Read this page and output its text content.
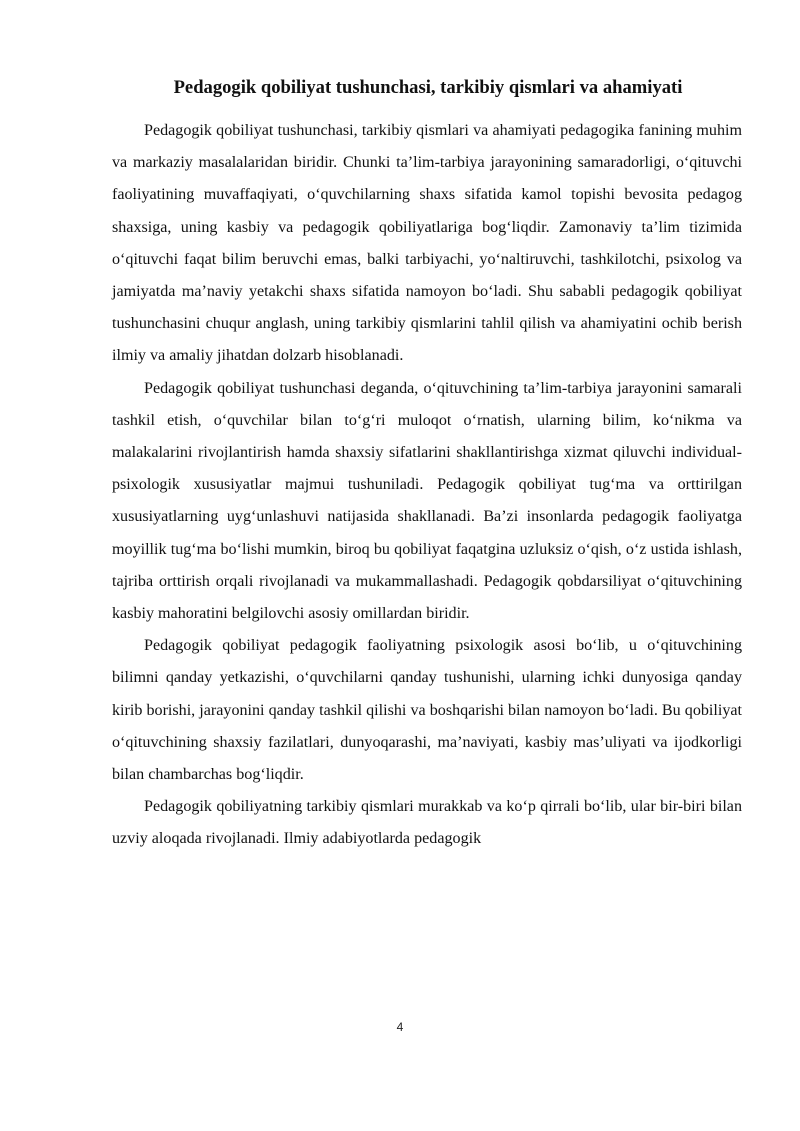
Pedagogik qobiliyat tushunchasi, tarkibiy qismlari va ahamiyati

Pedagogik qobiliyat tushunchasi, tarkibiy qismlari va ahamiyati pedagogika fanining muhim va markaziy masalalaridan biridir. Chunki ta’lim-tarbiya jarayonining samaradorligi, o‘qituvchi faoliyatining muvaffaqiyati, o‘quvchilarning shaxs sifatida kamol topishi bevosita pedagog shaxsiga, uning kasbiy va pedagogik qobiliyatlariga bog‘liqdir. Zamonaviy ta’lim tizimida o‘qituvchi faqat bilim beruvchi emas, balki tarbiyachi, yo‘naltiruvchi, tashkilotchi, psixolog va jamiyatda ma’naviy yetakchi shaxs sifatida namoyon bo‘ladi. Shu sababli pedagogik qobiliyat tushunchasini chuqur anglash, uning tarkibiy qismlarini tahlil qilish va ahamiyatini ochib berish ilmiy va amaliy jihatdan dolzarb hisoblanadi.

Pedagogik qobiliyat tushunchasi deganda, o‘qituvchining ta’lim-tarbiya jarayonini samarali tashkil etish, o‘quvchilar bilan to‘g‘ri muloqot o‘rnatish, ularning bilim, ko‘nikma va malakalarini rivojlantirish hamda shaxsiy sifatlarini shakllantirishga xizmat qiluvchi individual-psixologik xususiyatlar majmui tushuniladi. Pedagogik qobiliyat tug‘ma va orttirilgan xususiyatlarning uyg‘unlashuvi natijasida shakllanadi. Ba’zi insonlarda pedagogik faoliyatga moyillik tug‘ma bo‘lishi mumkin, biroq bu qobiliyat faqatgina uzluksiz o‘qish, o‘z ustida ishlash, tajriba orttirish orqali rivojlanadi va mukammallashadi. Pedagogik qobdarsiliyat o‘qituvchining kasbiy mahoratini belgilovchi asosiy omillardan biridir.

Pedagogik qobiliyat pedagogik faoliyatning psixologik asosi bo‘lib, u o‘qituvchining bilimni qanday yetkazishi, o‘quvchilarni qanday tushunishi, ularning ichki dunyosiga qanday kirib borishi, jarayonini qanday tashkil qilishi va boshqarishi bilan namoyon bo‘ladi. Bu qobiliyat o‘qituvchining shaxsiy fazilatlari, dunyoqarashi, ma’naviyati, kasbiy mas’uliyati va ijodkorligi bilan chambarchas bog‘liqdir.

Pedagogik qobiliyatning tarkibiy qismlari murakkab va ko‘p qirrali bo‘lib, ular bir-biri bilan uzviy aloqada rivojlanadi. Ilmiy adabiyotlarda pedagogik

4
